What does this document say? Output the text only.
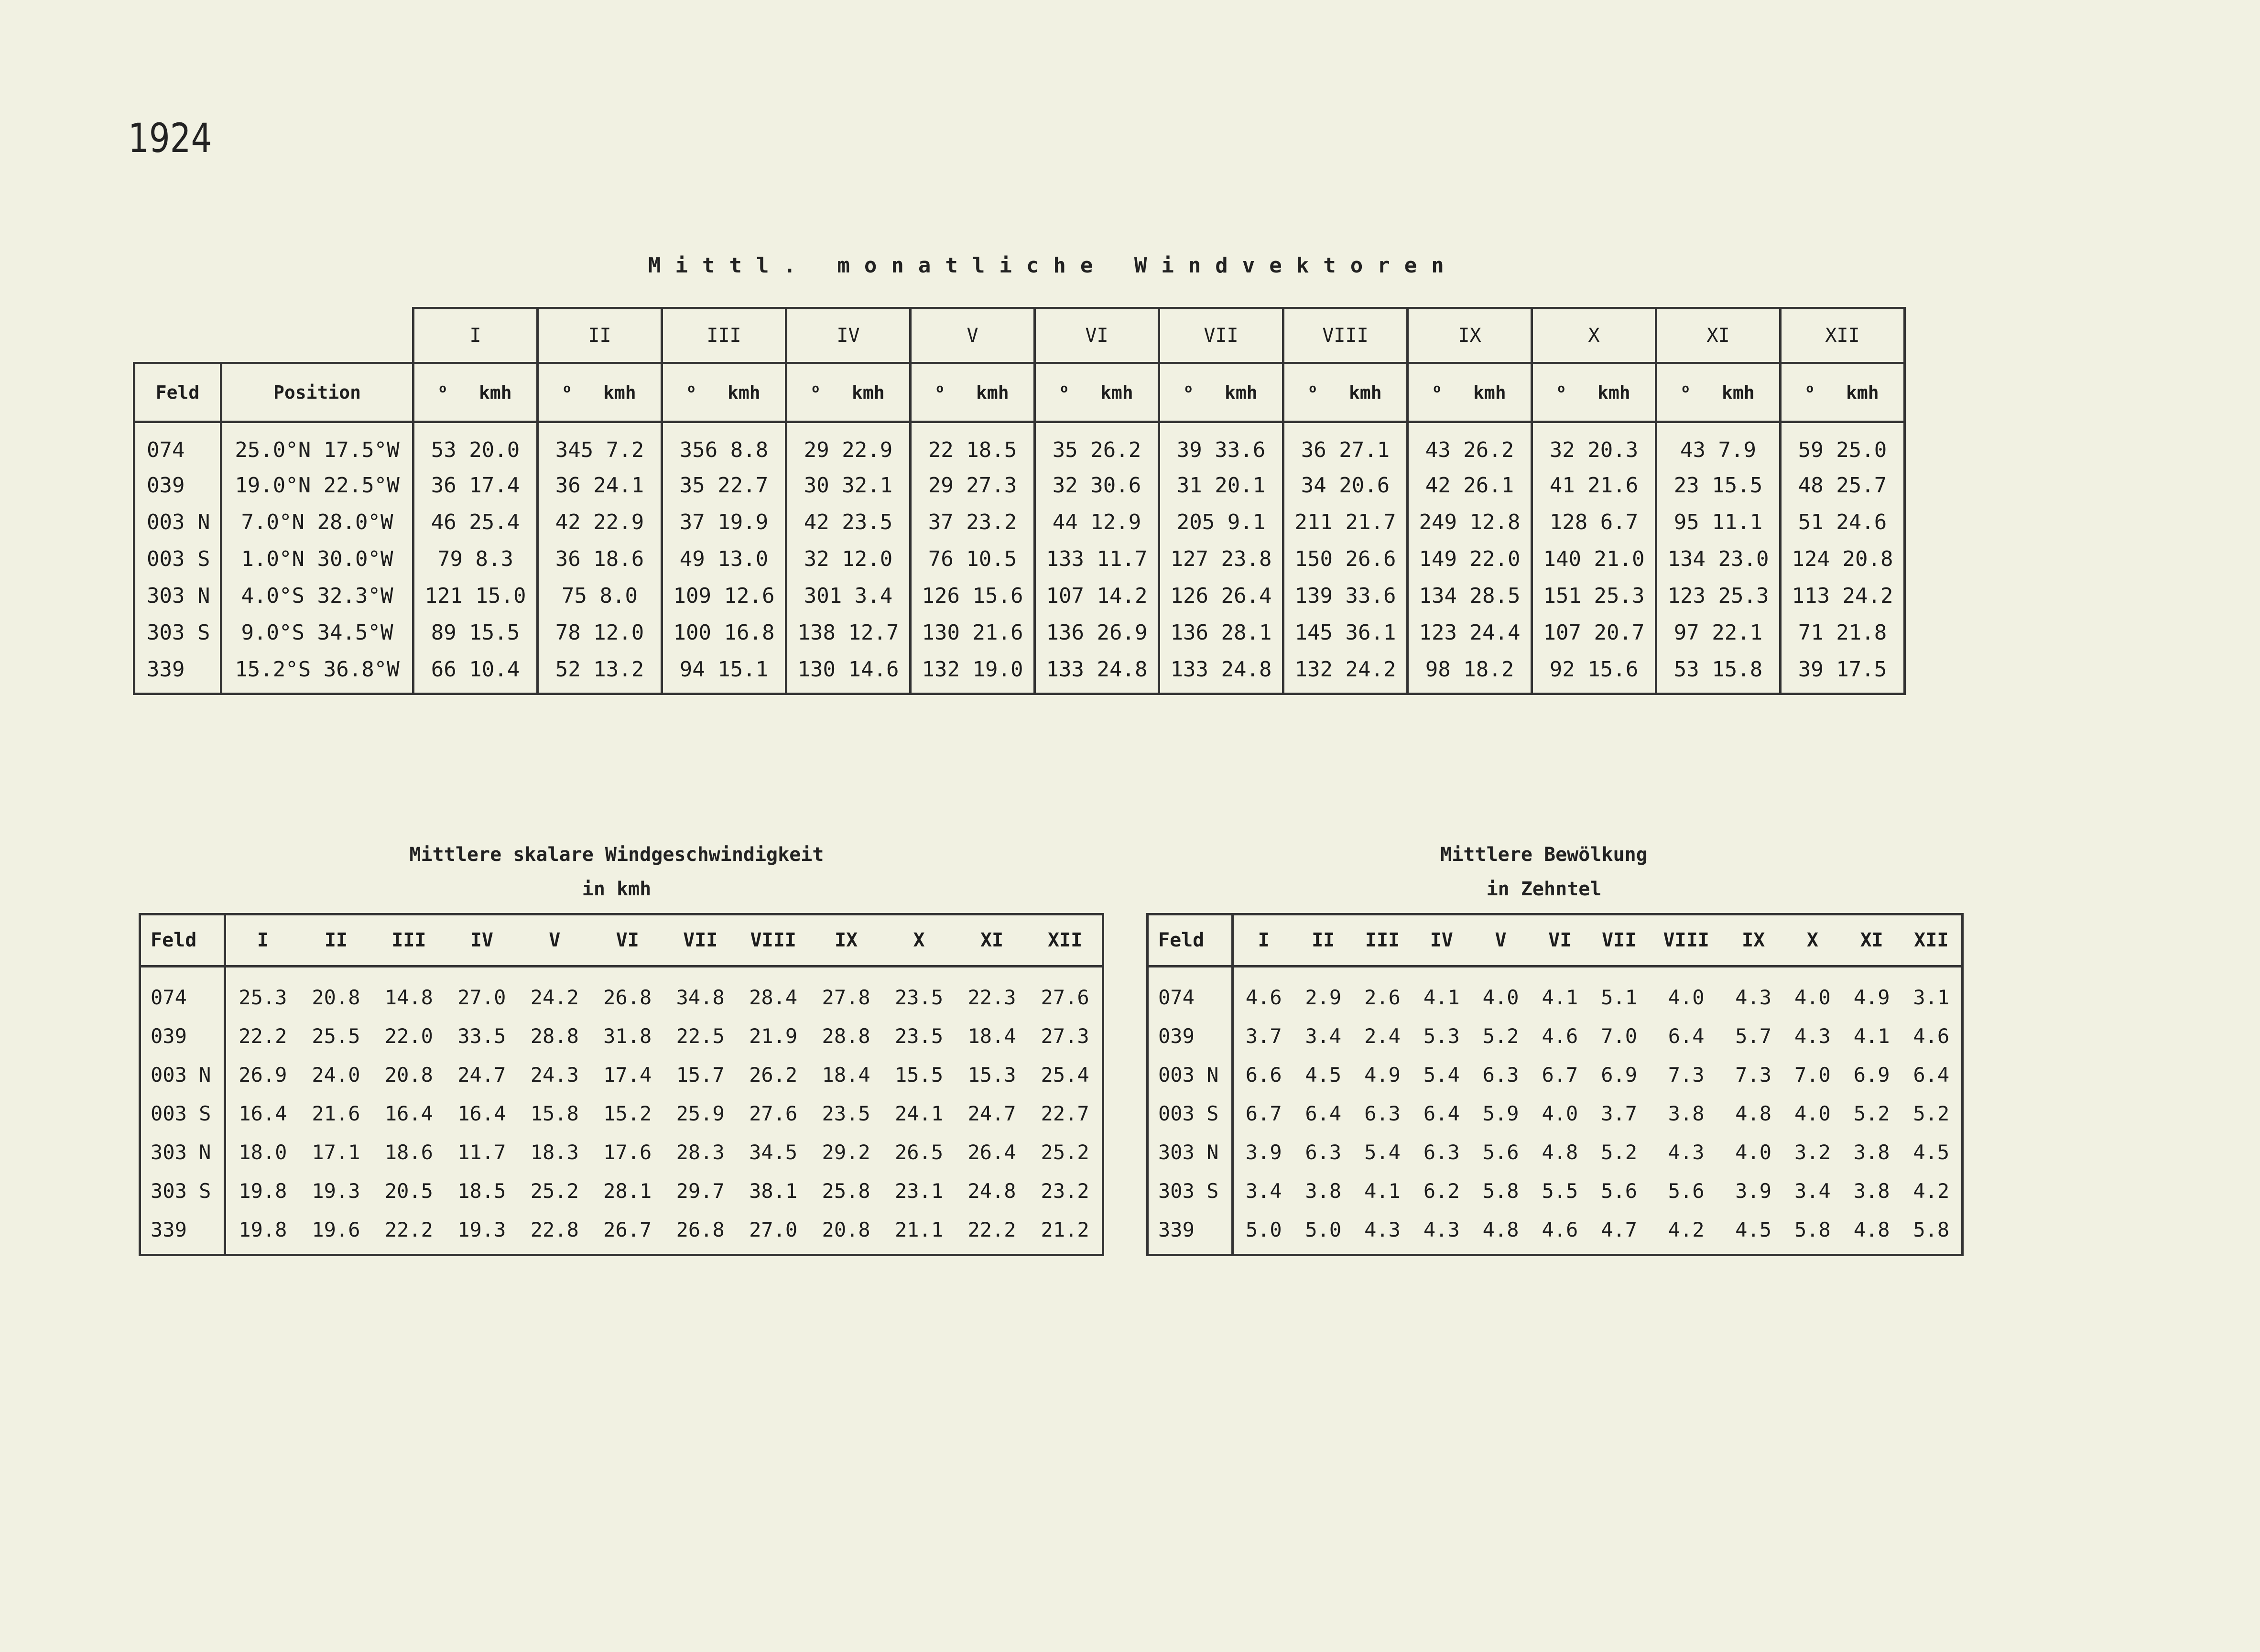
1924
Mittl. monatliche Windvektoren
		I	II	III	IV	V	VI	VII	VIII	IX	X	XI	XII
Feld	Position	$^o$ kmh	$^o$ kmh	$^o$ kmh	$^o$ kmh	$^o$ kmh	$^o$ kmh	$^o$ kmh	$^o$ kmh	$^o$ kmh	$^o$ kmh	$^o$ kmh	$^o$ kmh
074	25.0°N 17.5°W	53 20.0	345 7.2	356 8.8	29 22.9	22 18.5	35 26.2	39 33.6	36 27.1	43 26.2	32 20.3	43 7.9	59 25.0
039	19.0°N 22.5°W	36 17.4	36 24.1	35 22.7	30 32.1	29 27.3	32 30.6	31 20.1	34 20.6	42 26.1	41 21.6	23 15.5	48 25.7
003 N	7.0°N 28.0°W	46 25.4	42 22.9	37 19.9	42 23.5	37 23.2	44 12.9	205 9.1	211 21.7	249 12.8	128 6.7	95 11.1	51 24.6
003 S	1.0°N 30.0°W	79 8.3	36 18.6	49 13.0	32 12.0	76 10.5	133 11.7	127 23.8	150 26.6	149 22.0	140 21.0	134 23.0	124 20.8
303 N	4.0°S 32.3°W	121 15.0	75 8.0	109 12.6	301 3.4	126 15.6	107 14.2	126 26.4	139 33.6	134 28.5	151 25.3	123 25.3	113 24.2
303 S	9.0°S 34.5°W	89 15.5	78 12.0	100 16.8	138 12.7	130 21.6	136 26.9	136 28.1	145 36.1	123 24.4	107 20.7	97 22.1	71 21.8
339	15.2°S 36.8°W	66 10.4	52 13.2	94 15.1	130 14.6	132 19.0	133 24.8	133 24.8	132 24.2	98 18.2	92 15.6	53 15.8	39 17.5
Mittlere skalare Windgeschwindigkeit
in kmh
Feld	I	II	III	IV	V	VI	VII	VIII	IX	X	XI	XII
074	25.3	20.8	14.8	27.0	24.2	26.8	34.8	28.4	27.8	23.5	22.3	27.6
039	22.2	25.5	22.0	33.5	28.8	31.8	22.5	21.9	28.8	23.5	18.4	27.3
003 N	26.9	24.0	20.8	24.7	24.3	17.4	15.7	26.2	18.4	15.5	15.3	25.4
003 S	16.4	21.6	16.4	16.4	15.8	15.2	25.9	27.6	23.5	24.1	24.7	22.7
303 N	18.0	17.1	18.6	11.7	18.3	17.6	28.3	34.5	29.2	26.5	26.4	25.2
303 S	19.8	19.3	20.5	18.5	25.2	28.1	29.7	38.1	25.8	23.1	24.8	23.2
339	19.8	19.6	22.2	19.3	22.8	26.7	26.8	27.0	20.8	21.1	22.2	21.2
Mittlere Bewölkung
in Zehntel
Feld	I	II	III	IV	V	VI	VII	VIII	IX	X	XI	XII
074	4.6	2.9	2.6	4.1	4.0	4.1	5.1	4.0	4.3	4.0	4.9	3.1
039	3.7	3.4	2.4	5.3	5.2	4.6	7.0	6.4	5.7	4.3	4.1	4.6
003 N	6.6	4.5	4.9	5.4	6.3	6.7	6.9	7.3	7.3	7.0	6.9	6.4
003 S	6.7	6.4	6.3	6.4	5.9	4.0	3.7	3.8	4.8	4.0	5.2	5.2
303 N	3.9	6.3	5.4	6.3	5.6	4.8	5.2	4.3	4.0	3.2	3.8	4.5
303 S	3.4	3.8	4.1	6.2	5.8	5.5	5.6	5.6	3.9	3.4	3.8	4.2
339	5.0	5.0	4.3	4.3	4.8	4.6	4.7	4.2	4.5	5.8	4.8	5.8
